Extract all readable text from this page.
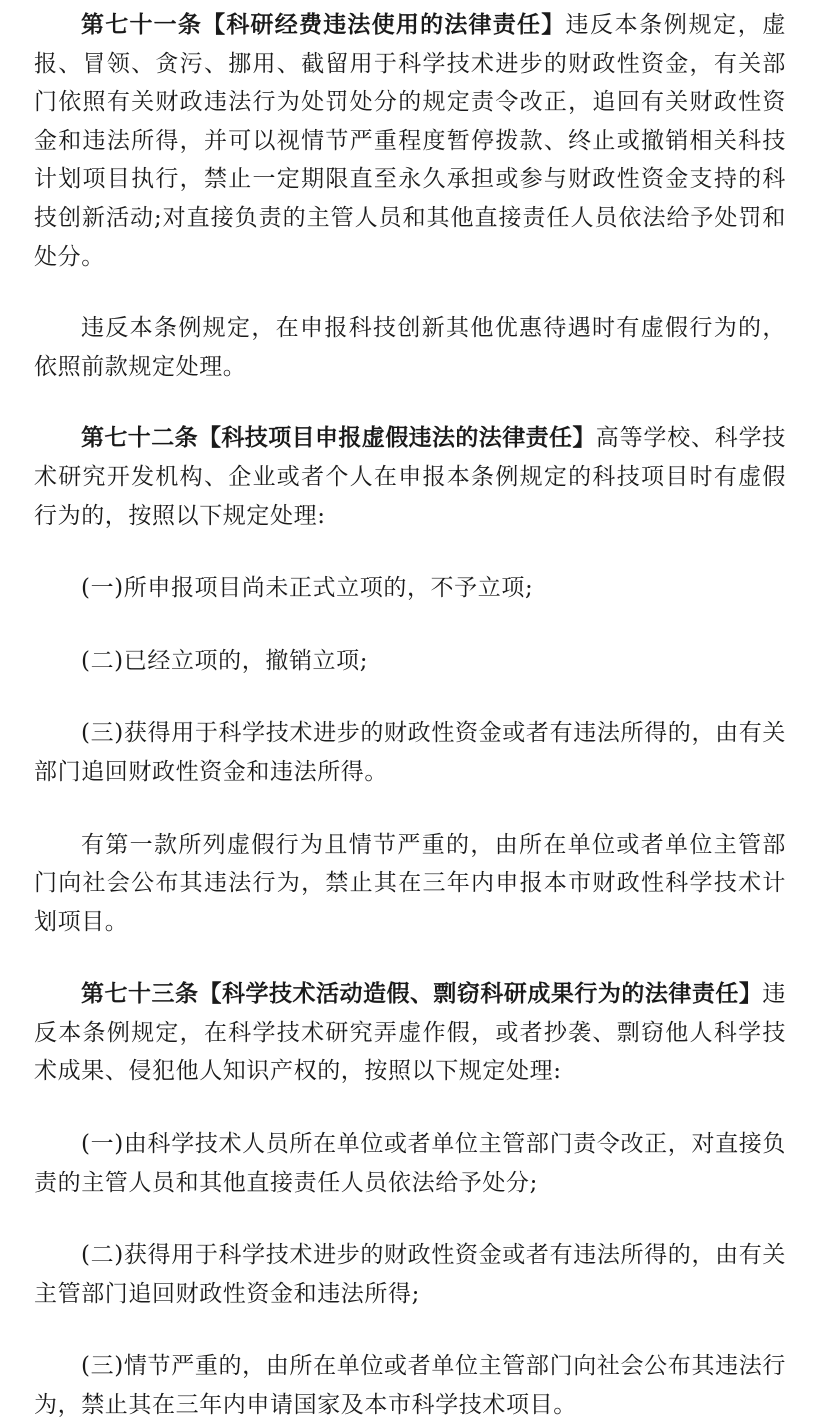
第七十一条【科研经费违法使用的法律责任】违反本条例规定，虚报、冒领、贪污、挪用、截留用于科学技术进步的财政性资金，有关部门依照有关财政违法行为处罚处分的规定责令改正，追回有关财政性资金和违法所得，并可以视情节严重程度暂停拨款、终止或撤销相关科技计划项目执行，禁止一定期限直至永久承担或参与财政性资金支持的科技创新活动;对直接负责的主管人员和其他直接责任人员依法给予处罚和处分。

违反本条例规定，在申报科技创新其他优惠待遇时有虚假行为的，依照前款规定处理。

第七十二条【科技项目申报虚假违法的法律责任】高等学校、科学技术研究开发机构、企业或者个人在申报本条例规定的科技项目时有虚假行为的，按照以下规定处理:

(一)所申报项目尚未正式立项的，不予立项;

(二)已经立项的，撤销立项;

(三)获得用于科学技术进步的财政性资金或者有违法所得的，由有关部门追回财政性资金和违法所得。

有第一款所列虚假行为且情节严重的，由所在单位或者单位主管部门向社会公布其违法行为，禁止其在三年内申报本市财政性科学技术计划项目。

第七十三条【科学技术活动造假、剽窃科研成果行为的法律责任】违反本条例规定，在科学技术研究弄虚作假，或者抄袭、剽窃他人科学技术成果、侵犯他人知识产权的，按照以下规定处理:

(一)由科学技术人员所在单位或者单位主管部门责令改正，对直接负责的主管人员和其他直接责任人员依法给予处分;

(二)获得用于科学技术进步的财政性资金或者有违法所得的，由有关主管部门追回财政性资金和违法所得;

(三)情节严重的，由所在单位或者单位主管部门向社会公布其违法行为，禁止其在三年内申请国家及本市科学技术项目。
